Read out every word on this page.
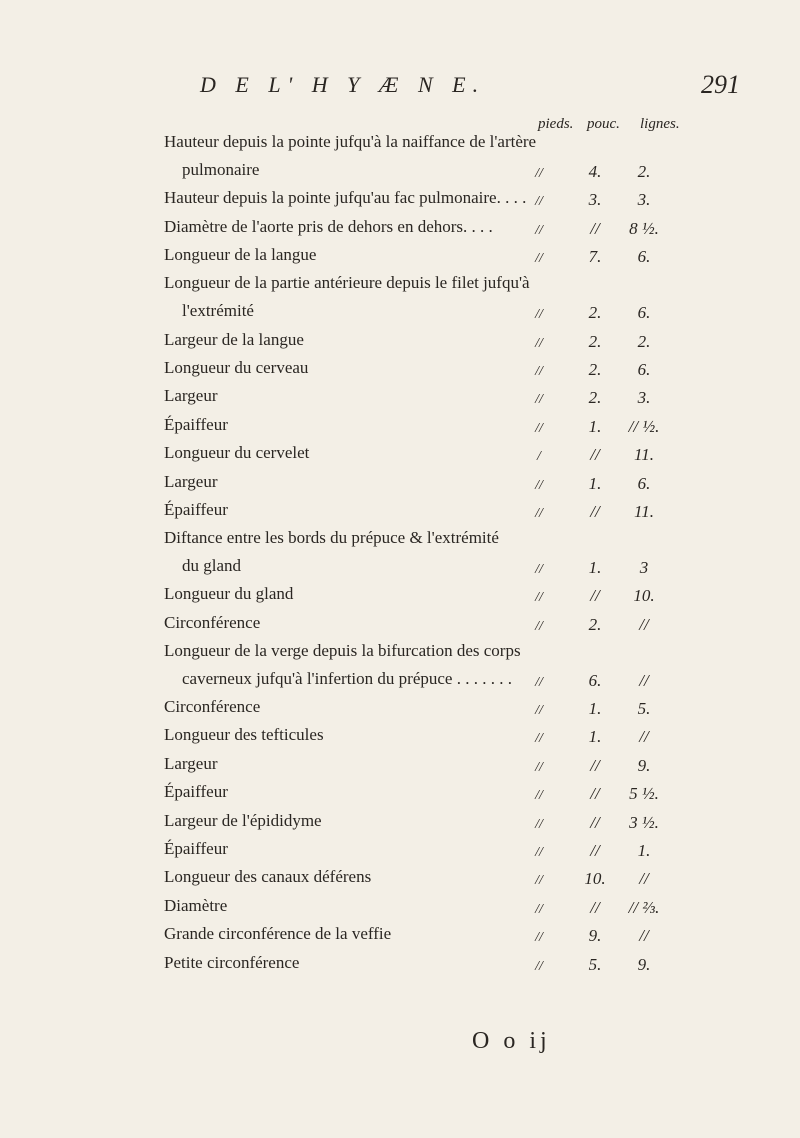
D E L' H Y Æ N E.	291
pieds. pouc. lignes.
Hauteur depuis la pointe jufqu'à la naiffance de l'artère
pulmonaire	//	4.	2.
Hauteur depuis la pointe jufqu'au fac pulmonaire. . . . //	3.	3.
Diamètre de l'aorte pris de dehors en dehors. . . .	//	//	8 ½.
Longueur de la langue	//	7.	6.
Longueur de la partie antérieure depuis le filet jufqu'à
l'extrémité	//	2.	6.
Largeur de la langue	//	2.	2.
Longueur du cerveau	//	2.	6.
Largeur	//	2.	3.
Épaiffeur	//	1.	// ½.
Longueur du cervelet	/	//	11.
Largeur	//	1.	6.
Épaiffeur	//	//	11.
Diftance entre les bords du prépuce & l'extrémité
du gland	//	1.	3
Longueur du gland	//	//	10.
Circonférence	//	2.	//
Longueur de la verge depuis la bifurcation des corps
caverneux jufqu'à l'infertion du prépuce . . . . . . .	//	6.	//
Circonférence	//	1.	5.
Longueur des tefticules	//	1.	//
Largeur	//	//	9.
Épaiffeur	//	//	5 ½.
Largeur de l'épididyme	//	//	3 ½.
Épaiffeur	//	//	1.
Longueur des canaux déférens	//	10.	//
Diamètre	//	//	// ⅔.
Grande circonférence de la veffie	//	9.	//
Petite circonférence	//	5.	9.
O o ij
